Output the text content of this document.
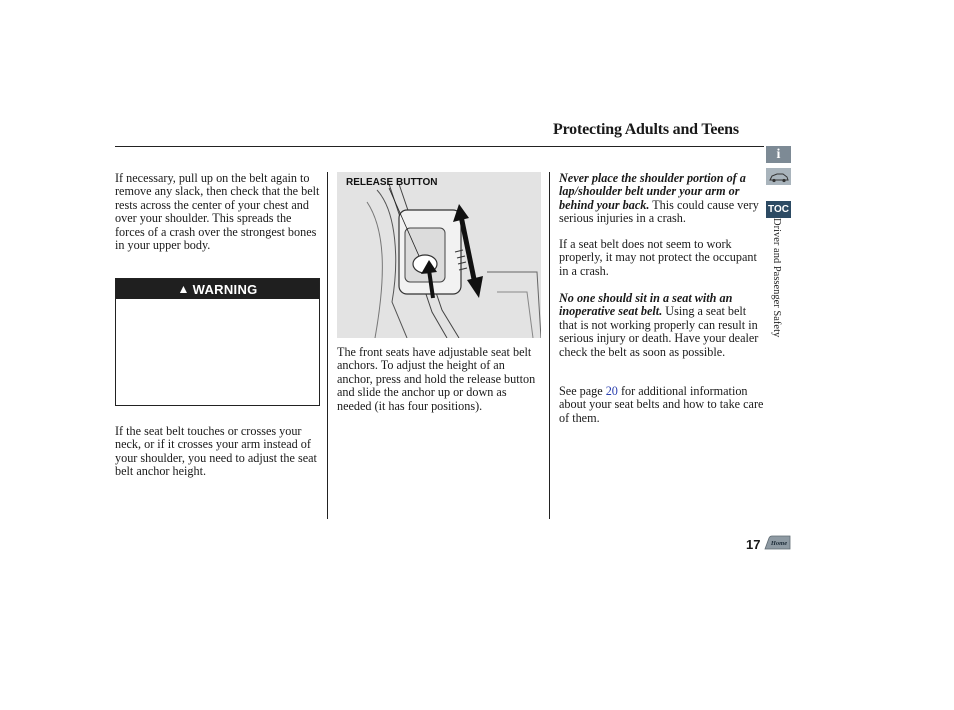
Protecting Adults and Teens
If necessary, pull up on the belt again to remove any slack, then check that the belt rests across the center of your chest and over your shoulder. This spreads the forces of a crash over the strongest bones in your upper body.
▲ WARNING
If the seat belt touches or crosses your neck, or if it crosses your arm instead of your shoulder, you need to adjust the seat belt anchor height.
RELEASE BUTTON
The front seats have adjustable seat belt anchors. To adjust the height of an anchor, press and hold the release button and slide the anchor up or down as needed (it has four positions).
Never place the shoulder portion of a lap/shoulder belt under your arm or behind your back. This could cause very serious injuries in a crash.
If a seat belt does not seem to work properly, it may not protect the occupant in a crash.
No one should sit in a seat with an inoperative seat belt. Using a seat belt that is not working properly can result in serious injury or death. Have your dealer check the belt as soon as possible.
See page 20 for additional information about your seat belts and how to take care of them.
i
TOC
Driver and Passenger Safety
17 Home
